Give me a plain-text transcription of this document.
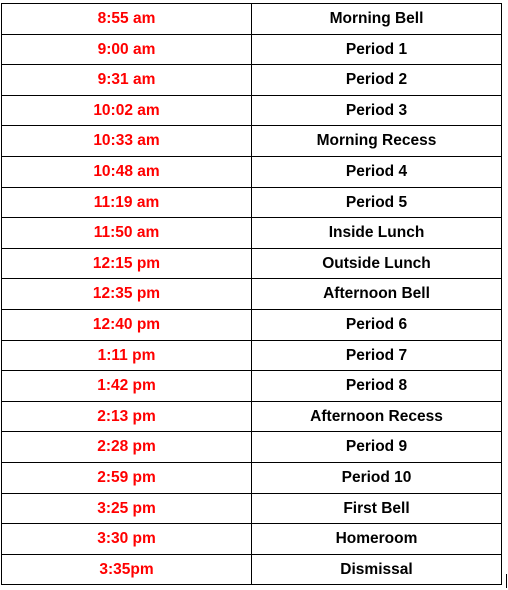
8:55 am	Morning Bell
9:00 am	Period 1
9:31 am	Period 2
10:02 am	Period 3
10:33 am	Morning Recess
10:48 am	Period 4
11:19 am	Period 5
11:50 am	Inside Lunch
12:15 pm	Outside Lunch
12:35 pm	Afternoon Bell
12:40 pm	Period 6
1:11 pm	Period 7
1:42 pm	Period 8
2:13 pm	Afternoon Recess
2:28 pm	Period 9
2:59 pm	Period 10
3:25 pm	First Bell
3:30 pm	Homeroom
3:35pm	Dismissal
